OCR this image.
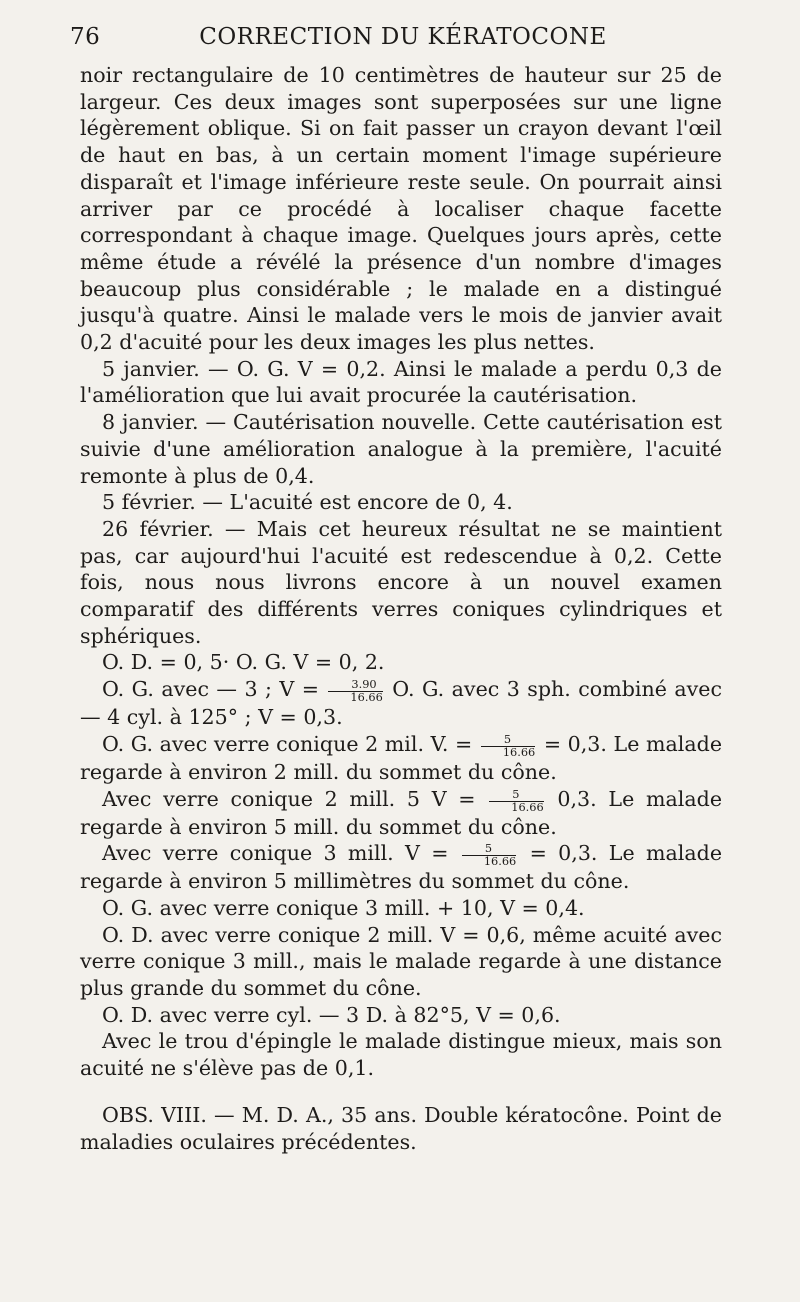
76	CORRECTION DU KÉRATOCONE

noir rectangulaire de 10 centimètres de hauteur sur 25 de largeur. Ces deux images sont superposées sur une ligne légèrement oblique. Si on fait passer un crayon devant l'œil de haut en bas, à un certain moment l'image supérieure disparaît et l'image inférieure reste seule. On pourrait ainsi arriver par ce procédé à localiser chaque facette correspondant à chaque image. Quelques jours après, cette même étude a révélé la présence d'un nombre d'images beaucoup plus considérable ; le malade en a distingué jusqu'à quatre. Ainsi le malade vers le mois de janvier avait 0,2 d'acuité pour les deux images les plus nettes.

5 janvier. — O. G. V = 0,2. Ainsi le malade a perdu 0,3 de l'amélioration que lui avait procurée la cautérisation.

8 janvier. — Cautérisation nouvelle. Cette cautérisation est suivie d'une amélioration analogue à la première, l'acuité remonte à plus de 0,4.

5 février. — L'acuité est encore de 0, 4.

26 février. — Mais cet heureux résultat ne se maintient pas, car aujourd'hui l'acuité est redescendue à 0,2. Cette fois, nous nous livrons encore à un nouvel examen comparatif des différents verres coniques cylindriques et sphériques.

O. D. = 0, 5· O. G. V = 0, 2.

O. G. avec — 3 ; $V = \frac{3.90}{16.66} O$. G. avec 3 sph. combiné avec — 4 cyl. à 125° ; V = 0,3.

O. G. avec verre conique 2 mil. V. = $\frac{5}{16.66} = 0,3$. Le malade regarde à environ 2 mill. du sommet du cône.

Avec verre conique 2 mill. 5 $V = \frac{5}{16.66} 0,3$. Le malade regarde à environ 5 mill. du sommet du cône.

Avec verre conique 3 mill. $V = \frac{5}{16.66} = 0,3$. Le malade regarde à environ 5 millimètres du sommet du cône.

O. G. avec verre conique 3 mill. + 10, V = 0,4.

O. D. avec verre conique 2 mill. V = 0,6, même acuité avec verre conique 3 mill., mais le malade regarde à une distance plus grande du sommet du cône.

O. D. avec verre cyl. — 3 D. à 82°5, V = 0,6.

Avec le trou d'épingle le malade distingue mieux, mais son acuité ne s'élève pas de 0,1.

OBS. VIII. — M. D. A., 35 ans. Double kératocône. Point de maladies oculaires précédentes.
